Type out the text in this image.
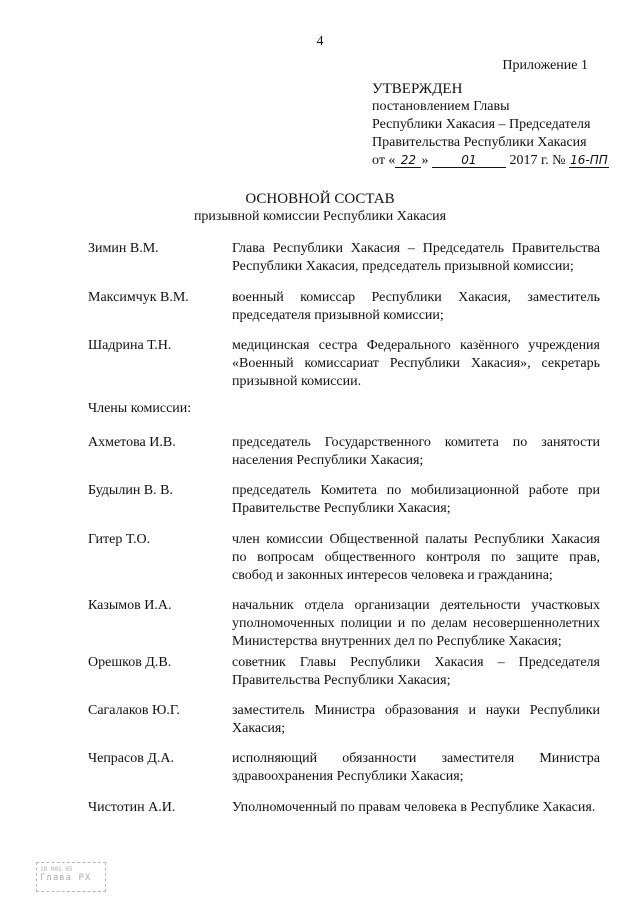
4
Приложение 1
УТВЕРЖДЕН
постановлением Главы
Республики Хакасия – Председателя
Правительства Республики Хакасия
от « 22 »	01 2017 г. № 16-ПП
ОСНОВНОЙ СОСТАВ
призывной комиссии Республики Хакасия
Зимин В.М.	Глава Республики Хакасия – Председатель Правительства Республики Хакасия, председатель призывной комиссии;
Максимчук В.М.	военный комиссар Республики Хакасия, заместитель председателя призывной комиссии;
Шадрина Т.Н.	медицинская сестра Федерального казённого учреждения «Военный комиссариат Республики Хакасия», секретарь призывной комиссии.
Члены комиссии:
Ахметова И.В.	председатель Государственного комитета по занятости населения Республики Хакасия;
Будылин В. В.	председатель Комитета по мобилизационной работе при Правительстве Республики Хакасия;
Гитер Т.О.	член комиссии Общественной палаты Республики Хакасия по вопросам общественного контроля по защите прав, свобод и законных интересов человека и гражданина;
Казымов И.А.	начальник отдела организации деятельности участковых уполномоченных полиции и по делам несовершеннолетних Министерства внутренних дел по Республике Хакасия;
Орешков Д.В.	советник Главы Республики Хакасия – Председателя Правительства Республики Хакасия;
Сагалаков Ю.Г.	заместитель Министра образования и науки Республики Хакасия;
Чепрасов Д.А.	исполняющий обязанности заместителя Министра здравоохранения Республики Хакасия;
Чистотин А.И.	Уполномоченный по правам человека в Республике Хакасия.
18 001 05
Глава РХ
